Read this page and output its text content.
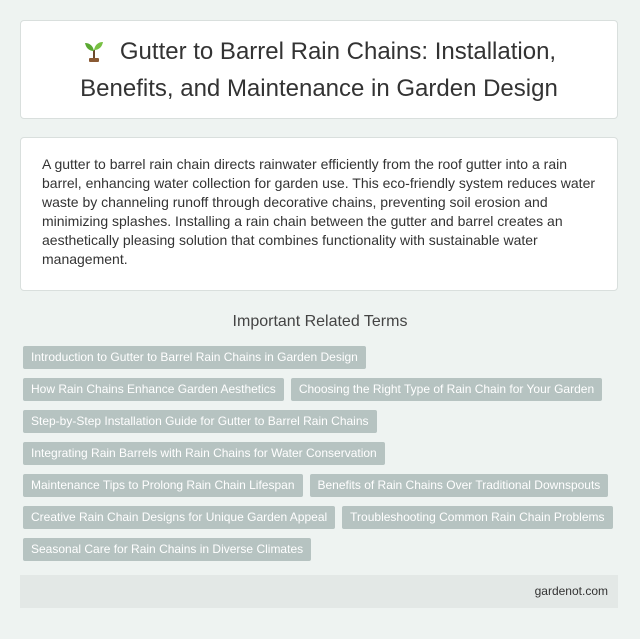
Gutter to Barrel Rain Chains: Installation, Benefits, and Maintenance in Garden Design

A gutter to barrel rain chain directs rainwater efficiently from the roof gutter into a rain barrel, enhancing water collection for garden use. This eco-friendly system reduces water waste by channeling runoff through decorative chains, preventing soil erosion and minimizing splashes. Installing a rain chain between the gutter and barrel creates an aesthetically pleasing solution that combines functionality with sustainable water management.

Important Related Terms
Introduction to Gutter to Barrel Rain Chains in Garden Design
How Rain Chains Enhance Garden Aesthetics	Choosing the Right Type of Rain Chain for Your Garden
Step-by-Step Installation Guide for Gutter to Barrel Rain Chains
Integrating Rain Barrels with Rain Chains for Water Conservation
Maintenance Tips to Prolong Rain Chain Lifespan	Benefits of Rain Chains Over Traditional Downspouts
Creative Rain Chain Designs for Unique Garden Appeal	Troubleshooting Common Rain Chain Problems
Seasonal Care for Rain Chains in Diverse Climates
gardenot.com
